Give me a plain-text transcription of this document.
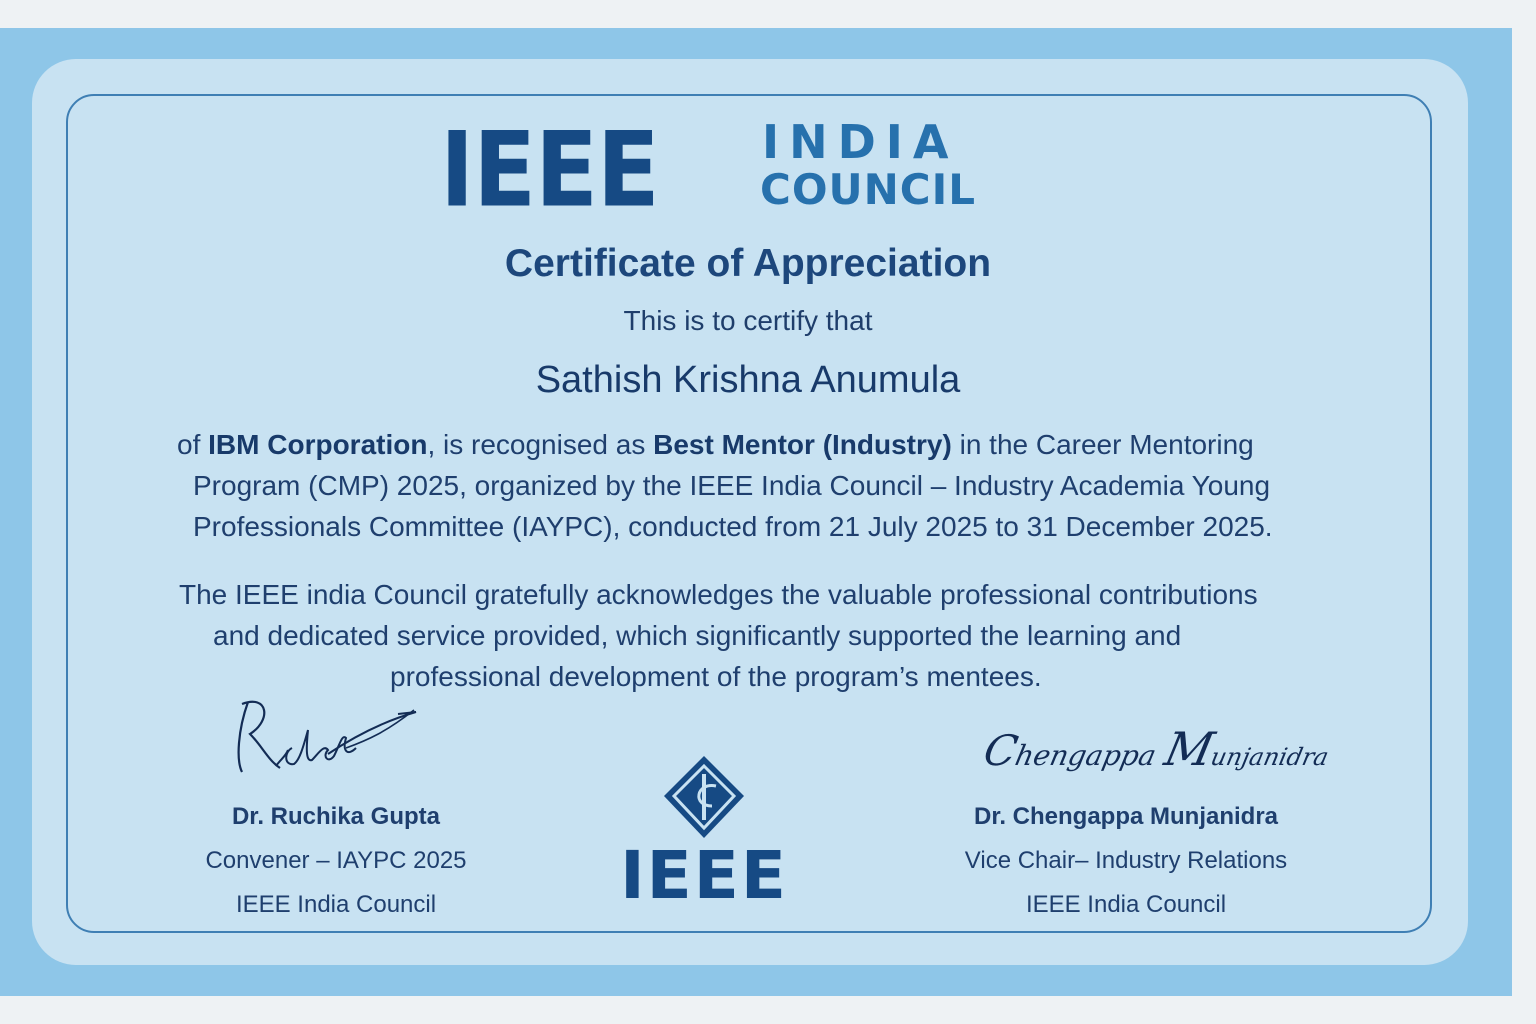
IEEE INDIA
COUNCIL
Certificate of Appreciation
This is to certify that
Sathish Krishna Anumula
of IBM Corporation, is recognised as Best Mentor (Industry) in the Career Mentoring
Program (CMP) 2025, organized by the IEEE India Council – Industry Academia Young
Professionals Committee (IAYPC), conducted from 21 July 2025 to 31 December 2025.
The IEEE india Council gratefully acknowledges the valuable professional contributions
and dedicated service provided, which significantly supported the learning and
professional development of the program’s mentees.
Dr. Ruchika Gupta
Convener – IAYPC 2025
IEEE India Council
Chengappa Munjanidra
Dr. Chengappa Munjanidra
Vice Chair– Industry Relations
IEEE India Council
IEEE
